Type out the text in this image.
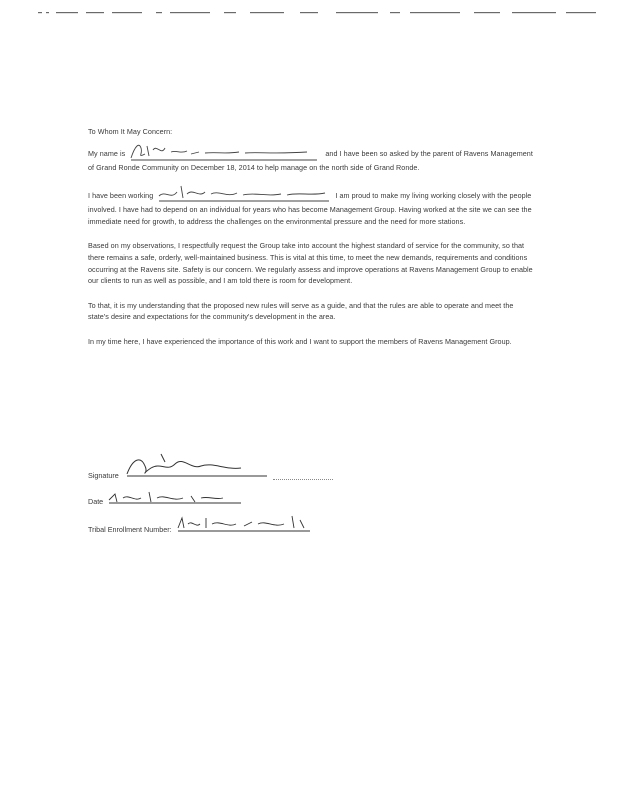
To Whom It May Concern:

My name is	and I have been so asked by the parent of Ravens Management of Grand Ronde Community on December 18, 2014 to help manage on the north side of Grand Ronde.

I have been working	I am proud to make my living working closely with the people involved. I have had to depend on an individual for years who has become Management Group. Having worked at the site we can see the immediate need for growth, to address the challenges on the environmental pressure and the need for more stations.

Based on my observations, I respectfully request the Group take into account the highest standard of service for the community, so that there remains a safe, orderly, well-maintained business. This is vital at this time, to meet the new demands, requirements and conditions occurring at the Ravens site. Safety is our concern. We regularly assess and improve operations at Ravens Management Group to enable our clients to run as well as possible, and I am told there is room for development.

To that, it is my understanding that the proposed new rules will serve as a guide, and that the rules are able to operate and meet the state's desire and expectations for the community's development in the area.

In my time here, I have experienced the importance of this work and I want to support the members of Ravens Management Group.

Signature

Date
Tribal Enrollment Number:
